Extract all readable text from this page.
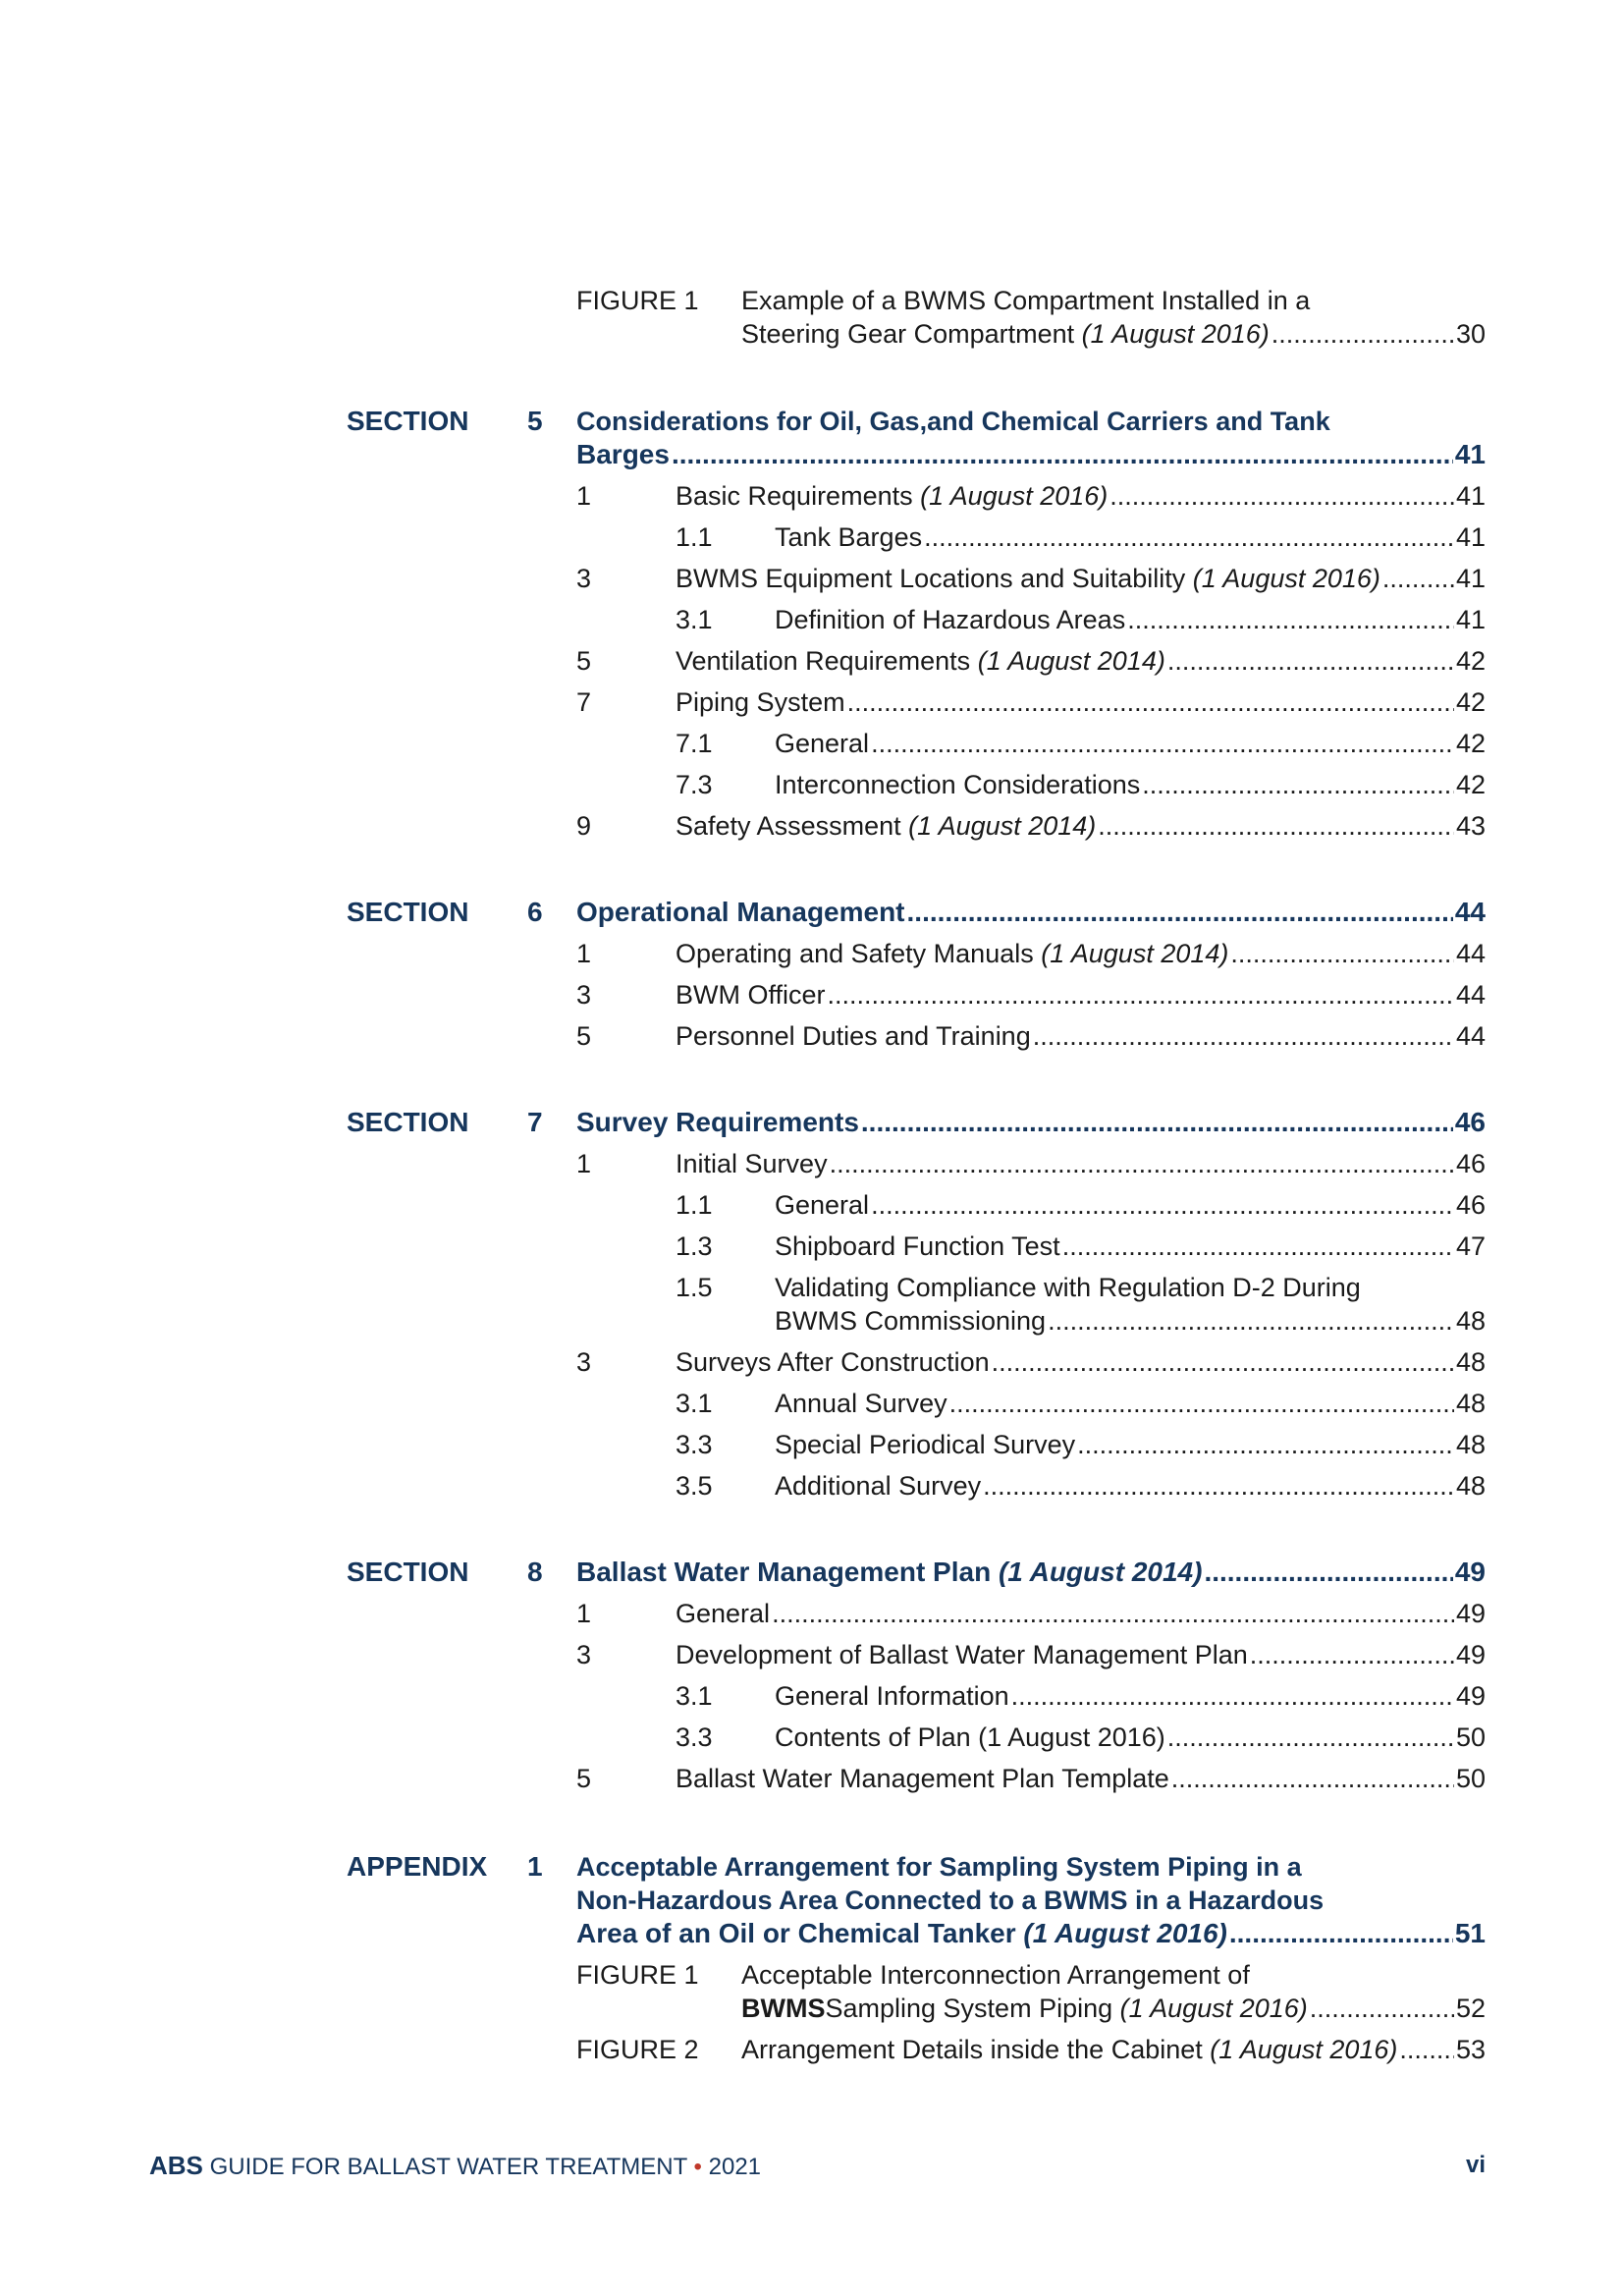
FIGURE 1 Example of a BWMS Compartment Installed in a
Steering Gear Compartment (1 August 2016) .....	30
SECTION 5 Considerations for Oil, Gas,and Chemical Carriers and Tank
Barges .....	41
1	Basic Requirements (1 August 2016) .....	41
1.1 Tank Barges .....	41
3	BWMS Equipment Locations and Suitability (1 August 2016) .....	41
3.1 Definition of Hazardous Areas .....	41
5	Ventilation Requirements (1 August 2014) .....	42
7	Piping System .....	42
7.1 General .....	42
7.3 Interconnection Considerations .....	42
9	Safety Assessment (1 August 2014) .....	43
SECTION 6 Operational Management .....	44
1	Operating and Safety Manuals (1 August 2014) .....	44
3	BWM Officer .....	44
5	Personnel Duties and Training .....	44
SECTION 7 Survey Requirements .....	46
1	Initial Survey .....	46
1.1 General .....	46
1.3 Shipboard Function Test .....	47
1.5 Validating Compliance with Regulation D-2 During
BWMS Commissioning .....	48
3	Surveys After Construction .....	48
3.1 Annual Survey .....	48
3.3 Special Periodical Survey .....	48
3.5 Additional Survey .....	48
SECTION 8 Ballast Water Management Plan (1 August 2014) .....	49
1	General .....	49
3	Development of Ballast Water Management Plan .....	49
3.1 General Information .....	49
3.3 Contents of Plan (1 August 2016) .....	50
5	Ballast Water Management Plan Template .....	50
APPENDIX 1 Acceptable Arrangement for Sampling System Piping in a
Non-Hazardous Area Connected to a BWMS in a Hazardous
Area of an Oil or Chemical Tanker (1 August 2016) .....	51
FIGURE 1 Acceptable Interconnection Arrangement of
BWMSSampling System Piping (1 August 2016) .....	52
FIGURE 2 Arrangement Details inside the Cabinet (1 August 2016) ..... 53
ABS GUIDE FOR BALLAST WATER TREATMENT • 2021	vi
